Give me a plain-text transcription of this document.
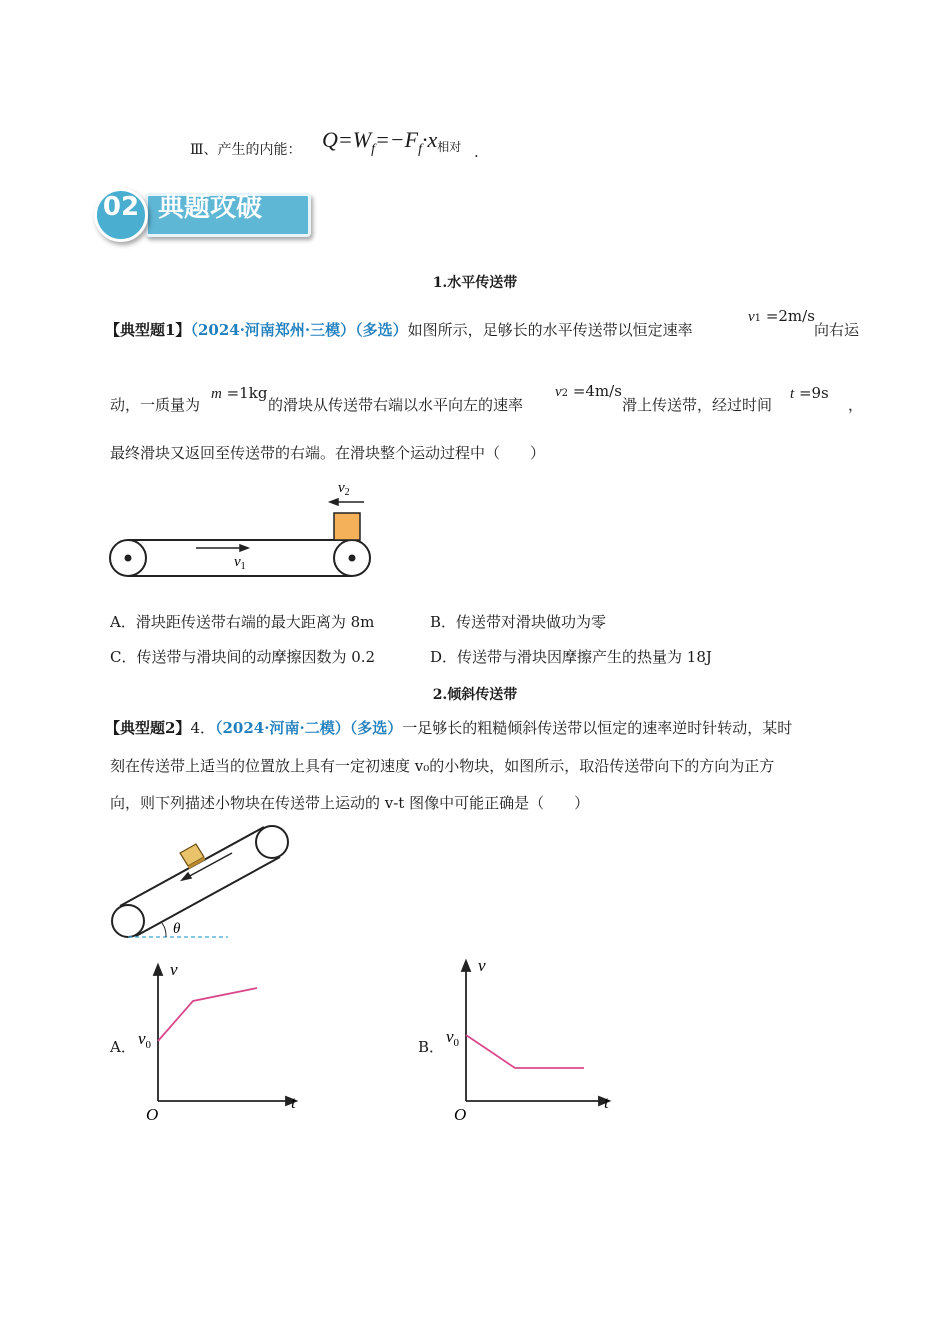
Ⅲ、产生的内能： $Q=W_f=-F_f\cdot x$相对 .
典题攻破
02
1.水平传送带
【典型题1】（2024·河南郑州·三模）（多选）如图所示，足够长的水平传送带以恒定速率
v1 =2m/s
向右运
动，一质量为
m =1kg
的滑块从传送带右端以水平向左的速率
v2 =4m/s
滑上传送带，经过时间
t =9s
，
最终滑块又返回至传送带的右端。在滑块整个运动过程中（　　）
$v_2$
$v_1$
A．滑块距传送带右端的最大距离为 8m	B．传送带对滑块做功为零
C．传送带与滑块间的动摩擦因数为 0.2	D．传送带与滑块因摩擦产生的热量为 18J
2.倾斜传送带
【典型题2】4．（2024·河南·二模）（多选）一足够长的粗糙倾斜传送带以恒定的速率逆时针转动，某时
刻在传送带上适当的位置放上具有一定初速度 v₀的小物块，如图所示，取沿传送带向下的方向为正方
向，则下列描述小物块在传送带上运动的 v-t 图像中可能正确是（　　）
θ
A．
v
t
O
$v_0$	B．
v
t
O
$v_0$
